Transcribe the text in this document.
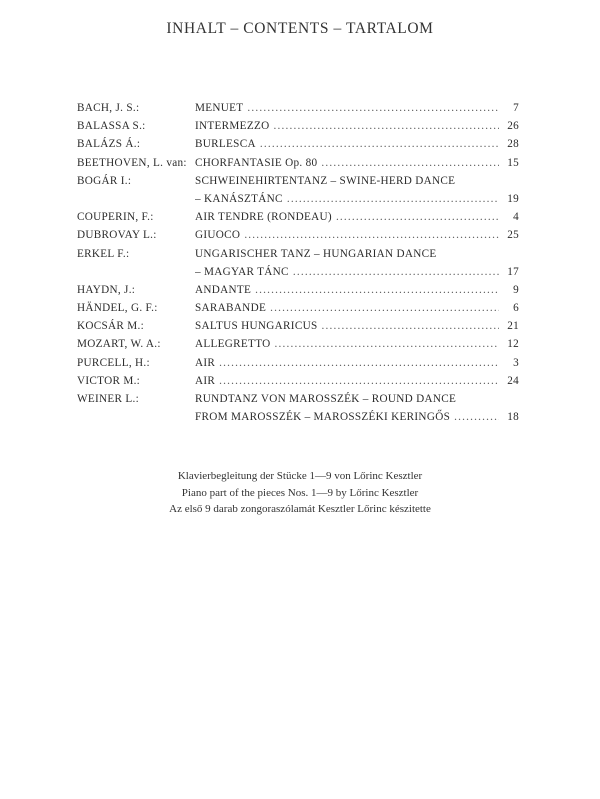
INHALT – CONTENTS – TARTALOM
BACH, J. S.:	MENUET .....	7
BALASSA S.:	INTERMEZZO .....	26
BALÁZS Á.:	BURLESCA .....	28
BEETHOVEN, L. van: CHORFANTASIE Op. 80 .....	15
BOGÁR I.:	SCHWEINEHIRTENTANZ – SWINE-HERD DANCE
– KANÁSZTÁNC .....	19
COUPERIN, F.:	AIR TENDRE (RONDEAU) .....	4
DUBROVAY L.:	GIUOCO .....	25
ERKEL F.:	UNGARISCHER TANZ – HUNGARIAN DANCE
– MAGYAR TÁNC .....	17
HAYDN, J.:	ANDANTE .....	9
HÄNDEL, G. F.:	SARABANDE .....	6
KOCSÁR M.:	SALTUS HUNGARICUS .....	21
MOZART, W. A.:	ALLEGRETTO .....	12
PURCELL, H.:	AIR .....	3
VICTOR M.:	AIR .....	24
WEINER L.:	RUNDTANZ VON MAROSSZÉK – ROUND DANCE
FROM MAROSSZÉK – MAROSSZÉKI KERINGŐS .....	18
Klavierbegleitung der Stücke 1—9 von Lőrinc Kesztler
Piano part of the pieces Nos. 1—9 by Lőrinc Kesztler
Az első 9 darab zongoraszólamát Kesztler Lőrinc készitette
